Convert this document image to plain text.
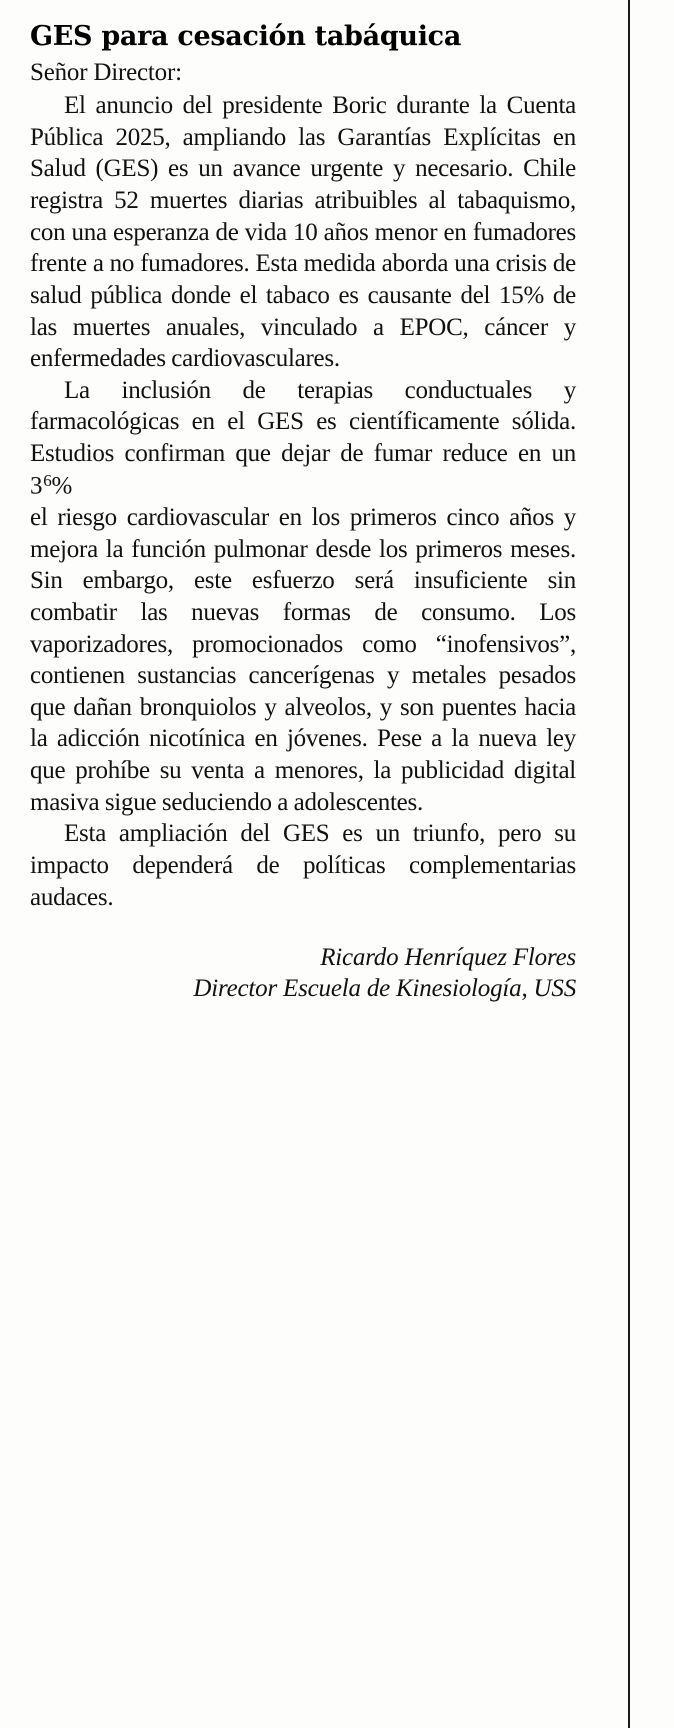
GES para cesación tabáquica

Señor Director:

El anuncio del presidente Boric durante la Cuenta Pública 2025, ampliando las Garantías Explícitas en Salud (GES) es un avance urgente y necesario. Chile registra 52 muertes diarias atribuibles al tabaquismo, con una esperanza de vida 10 años menor en fumadores frente a no fumadores. Esta medida aborda una crisis de salud pública donde el tabaco es causante del 15% de las muertes anuales, vinculado a EPOC, cáncer y enfermedades cardiovasculares.

La inclusión de terapias conductuales y farmacológicas en el GES es científicamente sólida. Estudios confirman que dejar de fumar reduce en un $3^6\%$

el riesgo cardiovascular en los primeros cinco años y mejora la función pulmonar desde los primeros meses. Sin embargo, este esfuerzo será insuficiente sin combatir las nuevas formas de consumo. Los vaporizadores, promocionados como “inofensivos”, contienen sustancias cancerígenas y metales pesados que dañan bronquiolos y alveolos, y son puentes hacia la adicción nicotínica en jóvenes. Pese a la nueva ley que prohíbe su venta a menores, la publicidad digital masiva sigue seduciendo a adolescentes.

Esta ampliación del GES es un triunfo, pero su impacto dependerá de políticas complementarias audaces.

Ricardo Henríquez Flores
Director Escuela de Kinesiología, USS
